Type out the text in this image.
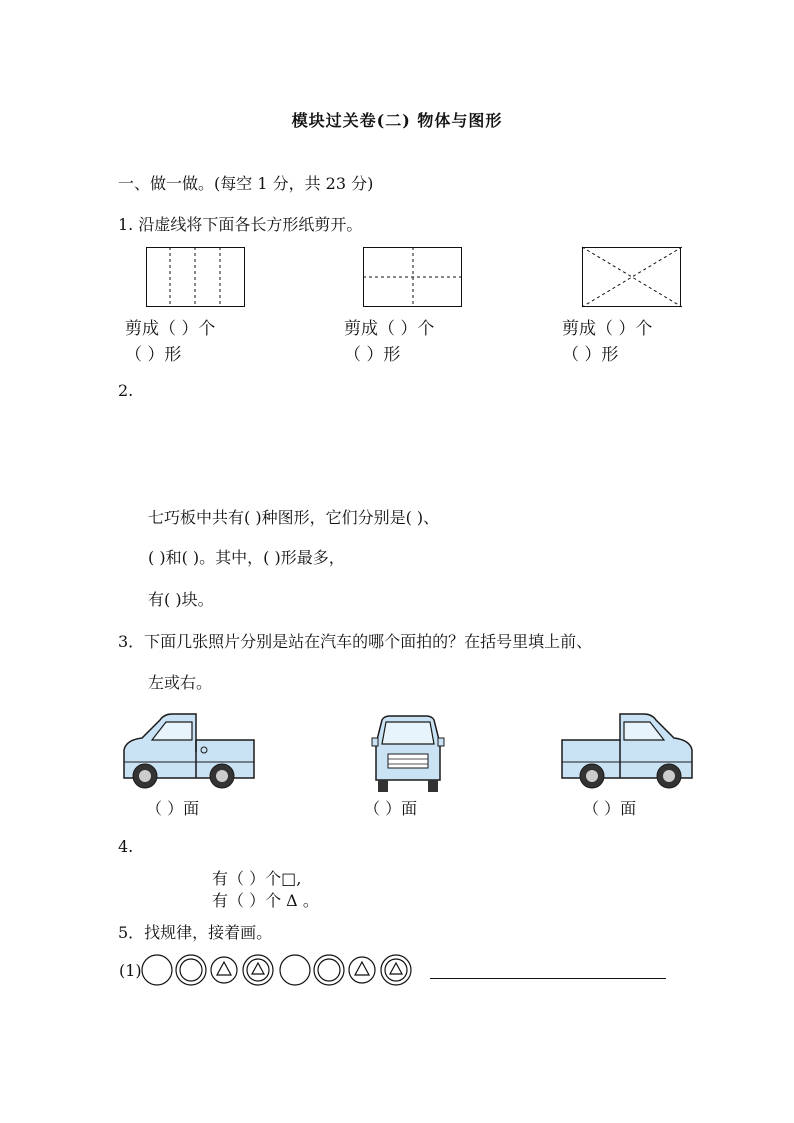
模块过关卷(二) 物体与图形
一、做一做。(每空 1 分，共 23 分)
1. 沿虚线将下面各长方形纸剪开。
剪成（ ）个
（ ）形
剪成（ ）个
（ ）形
剪成（ ）个
（ ）形
2.
七巧板中共有( )种图形，它们分别是( )、
( )和( )。其中，( )形最多，
有( )块。
3．下面几张照片分别是站在汽车的哪个面拍的？在括号里填上前、
左或右。
（ ）面	（ ）面	（ ）面
4.
有（ ）个□,
有（ ）个 Δ 。
5．找规律，接着画。
(1)
